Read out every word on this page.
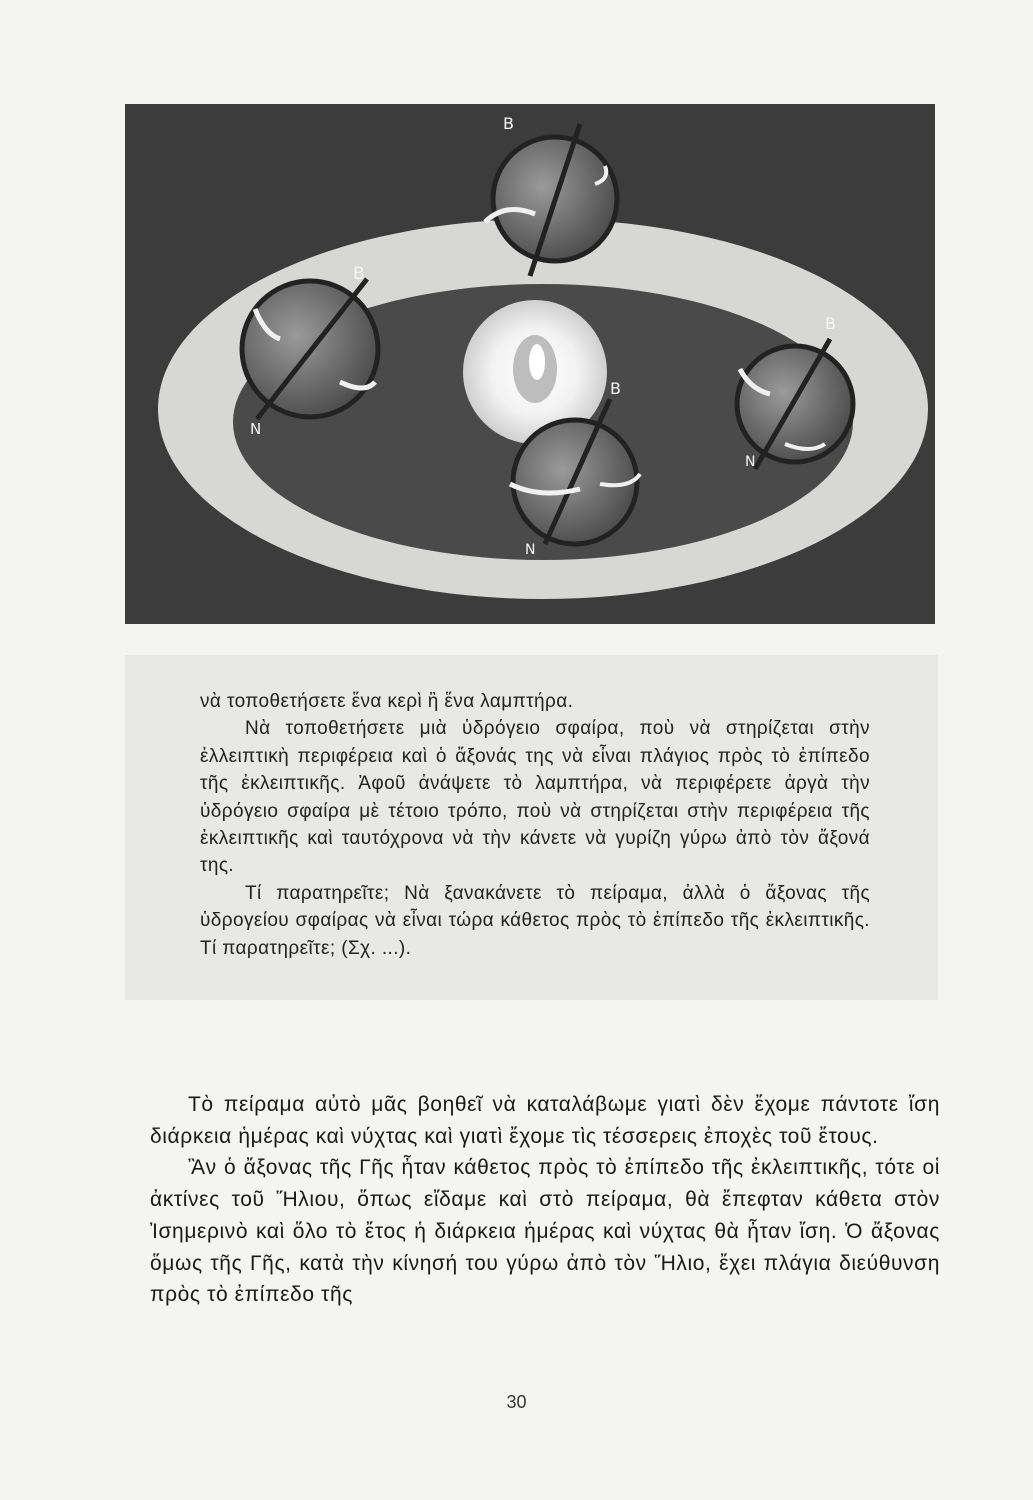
B
B
N
B
N
B
N

νὰ τοποθετήσετε ἕνα κερὶ ἢ ἕνα λαμπτήρα.

Νὰ τοποθετήσετε μιὰ ὑδρόγειο σφαίρα, ποὺ νὰ στηρίζεται στὴν ἐλλειπτικὴ περιφέρεια καὶ ὁ ἄξονάς της νὰ εἶναι πλάγιος πρὸς τὸ ἐπίπεδο τῆς ἐκλειπτικῆς. Ἀφοῦ ἀνάψετε τὸ λαμπτήρα, νὰ περιφέρετε ἀργὰ τὴν ὑδρόγειο σφαίρα μὲ τέτοιο τρόπο, ποὺ νὰ στηρίζεται στὴν περιφέρεια τῆς ἐκλειπτικῆς καὶ ταυτόχρονα νὰ τὴν κάνετε νὰ γυρίζη γύρω ἀπὸ τὸν ἄξονά της.

Τί παρατηρεῖτε; Νὰ ξανακάνετε τὸ πείραμα, ἀλλὰ ὁ ἄξονας τῆς ὑδρογείου σφαίρας νὰ εἶναι τώρα κάθετος πρὸς τὸ ἐπίπεδο τῆς ἐκλειπτικῆς. Τί παρατηρεῖτε; (Σχ. ...).

Τὸ πείραμα αὐτὸ μᾶς βοηθεῖ νὰ καταλάβωμε γιατὶ δὲν ἔχομε πάντοτε ἴση διάρκεια ἡμέρας καὶ νύχτας καὶ γιατὶ ἔχομε τὶς τέσσερεις ἐποχὲς τοῦ ἔτους.

Ἂν ὁ ἄξονας τῆς Γῆς ἦταν κάθετος πρὸς τὸ ἐπίπεδο τῆς ἐκλειπτικῆς, τότε οἱ ἀκτίνες τοῦ Ἥλιου, ὅπως εἴδαμε καὶ στὸ πείραμα, θὰ ἔπεφταν κάθετα στὸν Ἰσημερινὸ καὶ ὅλο τὸ ἔτος ἡ διάρκεια ἡμέρας καὶ νύχτας θὰ ἦταν ἴση. Ὁ ἄξονας ὅμως τῆς Γῆς, κατὰ τὴν κίνησή του γύρω ἀπὸ τὸν Ἥλιο, ἔχει πλάγια διεύθυνση πρὸς τὸ ἐπίπεδο τῆς

30
